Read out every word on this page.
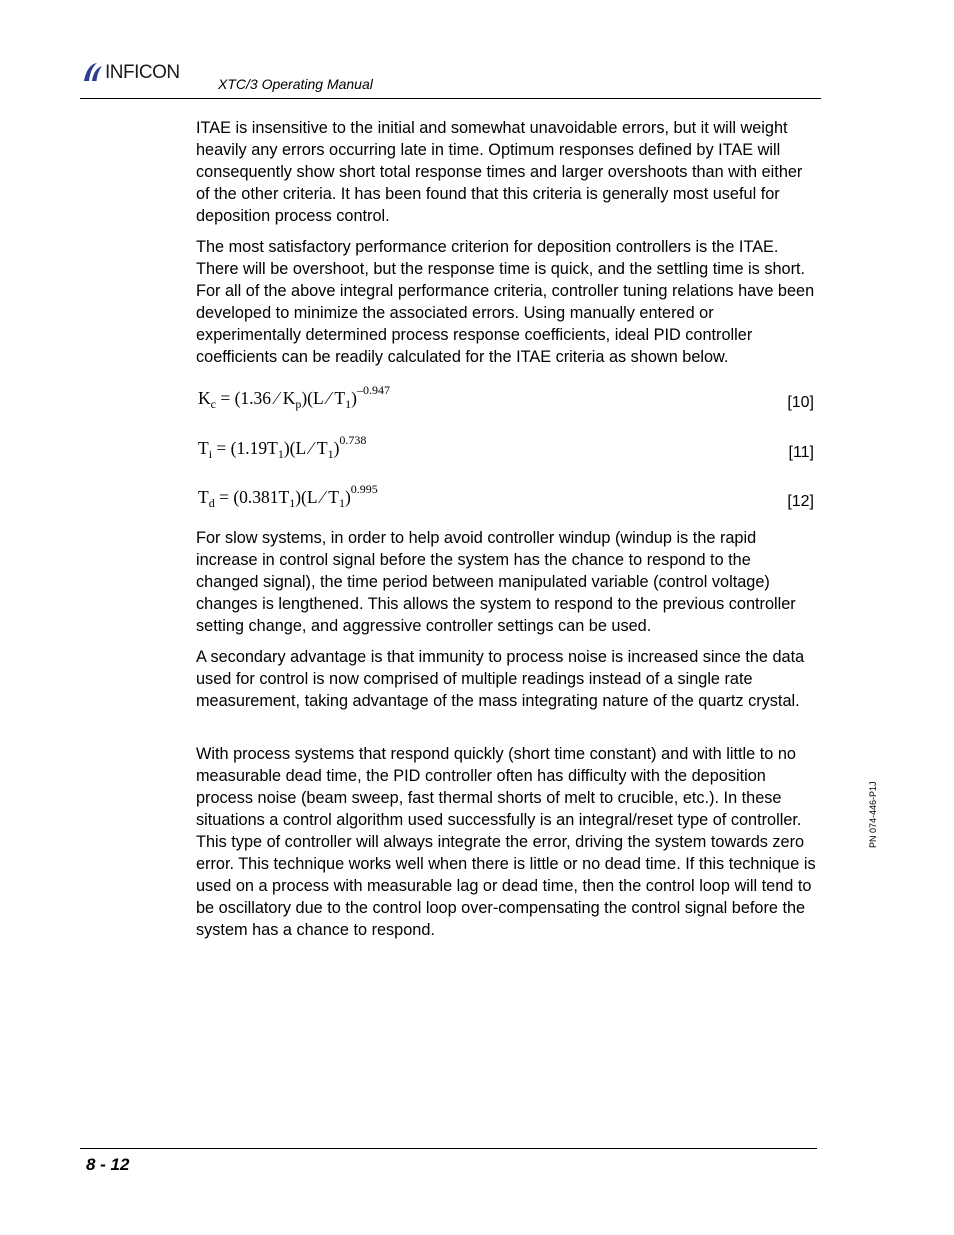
INFICON
XTC/3 Operating Manual

ITAE is insensitive to the initial and somewhat unavoidable errors, but it will weight heavily any errors occurring late in time. Optimum responses defined by ITAE will consequently show short total response times and larger overshoots than with either of the other criteria. It has been found that this criteria is generally most useful for deposition process control.

The most satisfactory performance criterion for deposition controllers is the ITAE. There will be overshoot, but the response time is quick, and the settling time is short. For all of the above integral performance criteria, controller tuning relations have been developed to minimize the associated errors. Using manually entered or experimentally determined process response coefficients, ideal PID controller coefficients can be readily calculated for the ITAE criteria as shown below.

$K_c = (1.36$ ⁄ $K_p)(L$ ⁄ $T_1)^{-0.947}$
[10]
$T_i = (1.19T_1)(L$ ⁄ $T_1)^{0.738}$
[11]
$T_d = (0.381T_1)(L$ ⁄ $T_1)^{0.995}$
[12]

For slow systems, in order to help avoid controller windup (windup is the rapid increase in control signal before the system has the chance to respond to the changed signal), the time period between manipulated variable (control voltage) changes is lengthened. This allows the system to respond to the previous controller setting change, and aggressive controller settings can be used.

A secondary advantage is that immunity to process noise is increased since the data used for control is now comprised of multiple readings instead of a single rate measurement, taking advantage of the mass integrating nature of the quartz crystal.

With process systems that respond quickly (short time constant) and with little to no measurable dead time, the PID controller often has difficulty with the deposition process noise (beam sweep, fast thermal shorts of melt to crucible, etc.). In these situations a control algorithm used successfully is an integral/reset type of controller. This type of controller will always integrate the error, driving the system towards zero error. This technique works well when there is little or no dead time. If this technique is used on a process with measurable lag or dead time, then the control loop will tend to be oscillatory due to the control loop over-compensating the control signal before the system has a chance to respond.

PN 074-446-P1J
8 - 12
